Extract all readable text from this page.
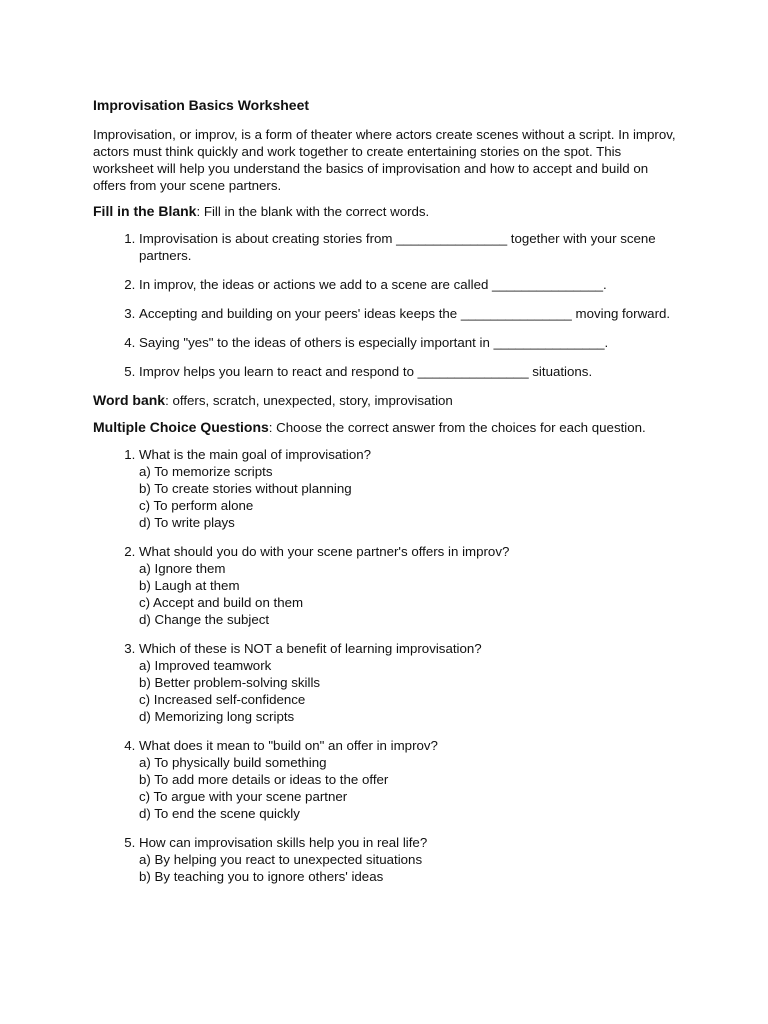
Improvisation Basics Worksheet

Improvisation, or improv, is a form of theater where actors create scenes without a script. In improv, actors must think quickly and work together to create entertaining stories on the spot. This worksheet will help you understand the basics of improvisation and how to accept and build on offers from your scene partners.

Fill in the Blank: Fill in the blank with the correct words.

1. Improvisation is about creating stories from _______________ together with your scene partners.
2. In improv, the ideas or actions we add to a scene are called _______________.
3. Accepting and building on your peers' ideas keeps the _______________ moving forward.
4. Saying "yes" to the ideas of others is especially important in _______________.
5. Improv helps you learn to react and respond to _______________ situations.

Word bank: offers, scratch, unexpected, story, improvisation

Multiple Choice Questions: Choose the correct answer from the choices for each question.

1. What is the main goal of improvisation?
a) To memorize scripts
b) To create stories without planning
c) To perform alone
d) To write plays
2. What should you do with your scene partner's offers in improv?
a) Ignore them
b) Laugh at them
c) Accept and build on them
d) Change the subject
3. Which of these is NOT a benefit of learning improvisation?
a) Improved teamwork
b) Better problem-solving skills
c) Increased self-confidence
d) Memorizing long scripts
4. What does it mean to "build on" an offer in improv?
a) To physically build something
b) To add more details or ideas to the offer
c) To argue with your scene partner
d) To end the scene quickly
5. How can improvisation skills help you in real life?
a) By helping you react to unexpected situations
b) By teaching you to ignore others' ideas
